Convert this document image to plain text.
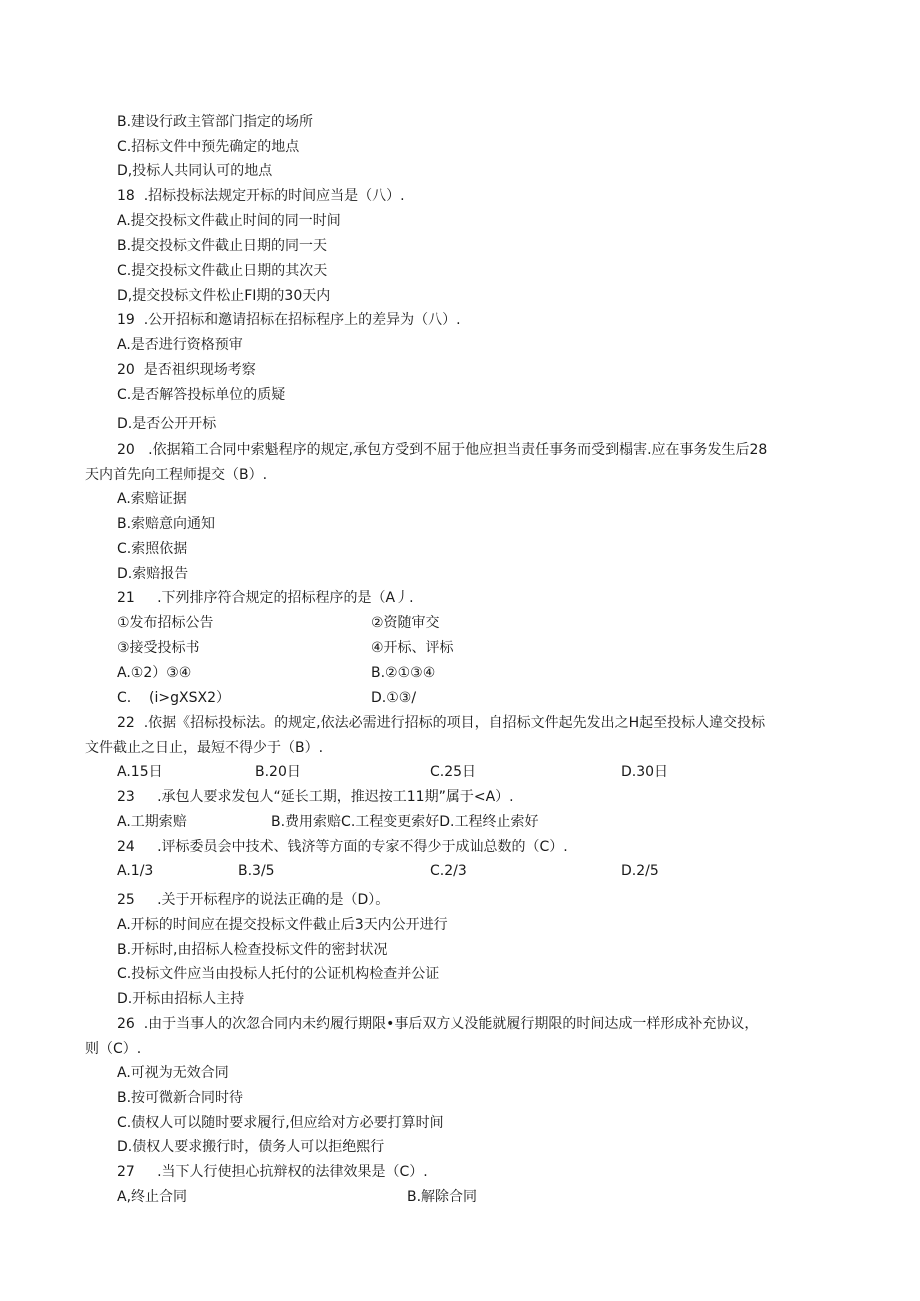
B.建设行政主管部门指定的场所
C.招标文件中预先确定的地点
D,投标人共同认可的地点
18  .招标投标法规定开标的时间应当是（八）.
A.提交投标文件截止时间的同一时间
B.提交投标文件截止日期的同一天
C.提交投标文件截止日期的其次天
D,提交投标文件松止FI期的30天内
19  .公开招标和邀请招标在招标程序上的差异为（八）.
A.是否进行资格预审
20  是否祖织现场考察
C.是否解答投标单位的质疑
D.是否公开开标
20   .依据箱工合同中索魁程序的规定,承包方受到不屈于他应担当责任事务而受到榻害.应在事务发生后28
天内首先向工程师提交（B）.
A.索赔证据
B.索赔意向通知
C.索照依据
D.索赔报告
21     .下列排序符合规定的招标程序的是（A丿.
①发布招标公告	②资随审交
③接受投标书	④开标、评标
A.①2）③④	B.②①③④
C.    (i>gXSX2）	D.①③/
22  .依据《招标投标法。的规定,依法必需进行招标的项目，自招标文件起先发出之H起至投标人違交投标
文件截止之日止，最短不得少于（B）.
A.15日	B.20日	C.25日	D.30日
23     .承包人要求发包人“延长工期，推迟按工11期”属于<A）.
A.工期索赔	B.费用索赔C.工程变更索好D.工程终止索好
24     .评标委员会中技术、钱济等方面的专家不得少于成讪总数的（C）.
A.1/3	B.3/5	C.2/3	D.2/5
25     .关于开标程序的说法正确的是（D）。
A.开标的时间应在提交投标文件截止后3天内公开进行
B.开标时,由招标人检查投标文件的密封状况
C.投标文件应当由投标人托付的公证机构检查并公证
D.开标由招标人主持
26  .由于当事人的次忽合同内未约履行期限•事后双方乂没能就履行期限的时间达成一样形成补充协议，
则（C）.
A.可视为无效合同
B.按可微新合同时待
C.债权人可以随时要求履行,但应给对方必要打算时间
D.债权人要求搬行时，债务人可以拒绝熙行
27     .当下人行使担心抗辩权的法律效果是（C）.
A,终止合同	B.解除合同
